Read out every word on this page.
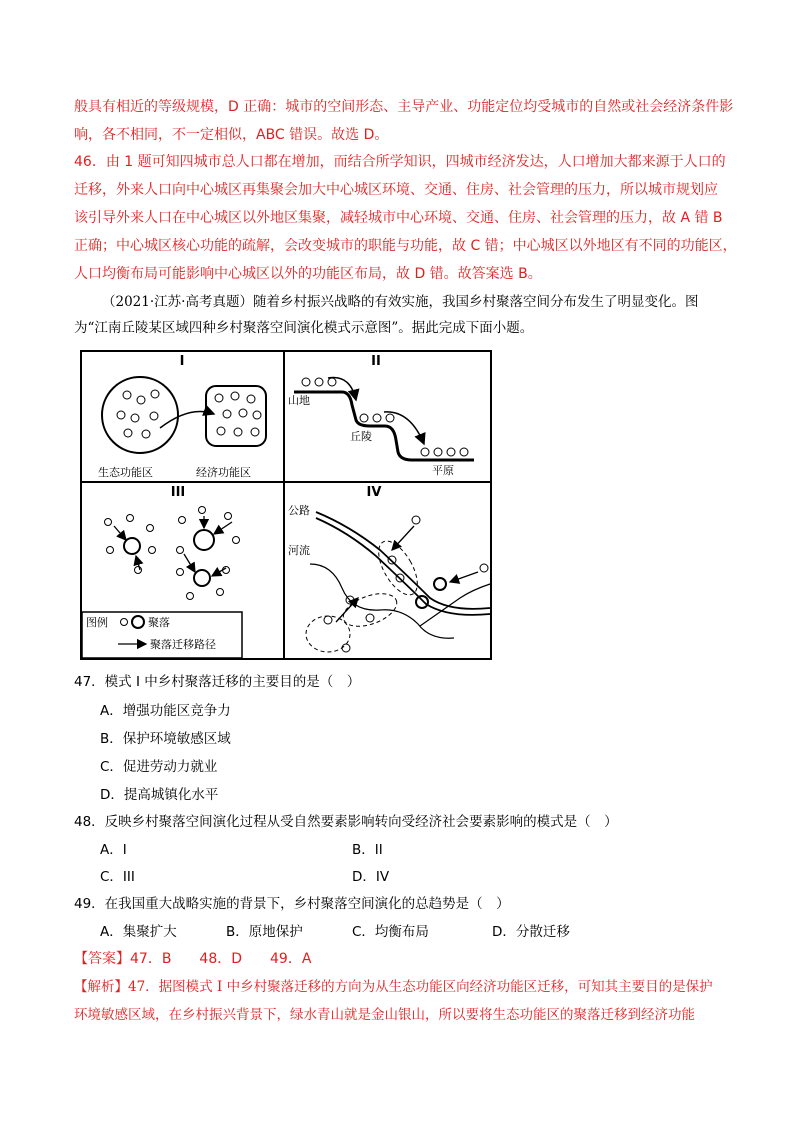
般具有相近的等级规模，D 正确：城市的空间形态、主导产业、功能定位均受城市的自然或社会经济条件影
响，各不相同，不一定相似，ABC 错误。故选 D。
46．由 1 题可知四城市总人口都在增加，而结合所学知识，四城市经济发达，人口增加大都来源于人口的
迁移，外来人口向中心城区再集聚会加大中心城区环境、交通、住房、社会管理的压力，所以城市规划应
该引导外来人口在中心城区以外地区集聚，减轻城市中心环境、交通、住房、社会管理的压力，故 A 错 B
正确；中心城区核心功能的疏解，会改变城市的职能与功能，故 C 错；中心城区以外地区有不同的功能区，
人口均衡布局可能影响中心城区以外的功能区布局，故 D 错。故答案选 B。
（2021·江苏·高考真题）随着乡村振兴战略的有效实施，我国乡村聚落空间分布发生了明显变化。图
为“江南丘陵某区域四种乡村聚落空间演化模式示意图”。据此完成下面小题。
I
生态功能区	经济功能区
II
山地
丘陵
平原
III
图例	聚落
聚落迁移路径
IV
公路
河流
47．模式 I 中乡村聚落迁移的主要目的是（　）
A．增强功能区竞争力
B．保护环境敏感区域
C．促进劳动力就业
D．提高城镇化水平
48．反映乡村聚落空间演化过程从受自然要素影响转向受经济社会要素影响的模式是（　）
A．I	B．II
C．III	D．IV
49．在我国重大战略实施的背景下，乡村聚落空间演化的总趋势是（　）
A．集聚扩大	B．原地保护	C．均衡布局	D．分散迁移
【答案】47．B　　48．D　　49．A
【解析】47．据图模式 I 中乡村聚落迁移的方向为从生态功能区向经济功能区迁移，可知其主要目的是保护
环境敏感区域，在乡村振兴背景下，绿水青山就是金山银山，所以要将生态功能区的聚落迁移到经济功能
